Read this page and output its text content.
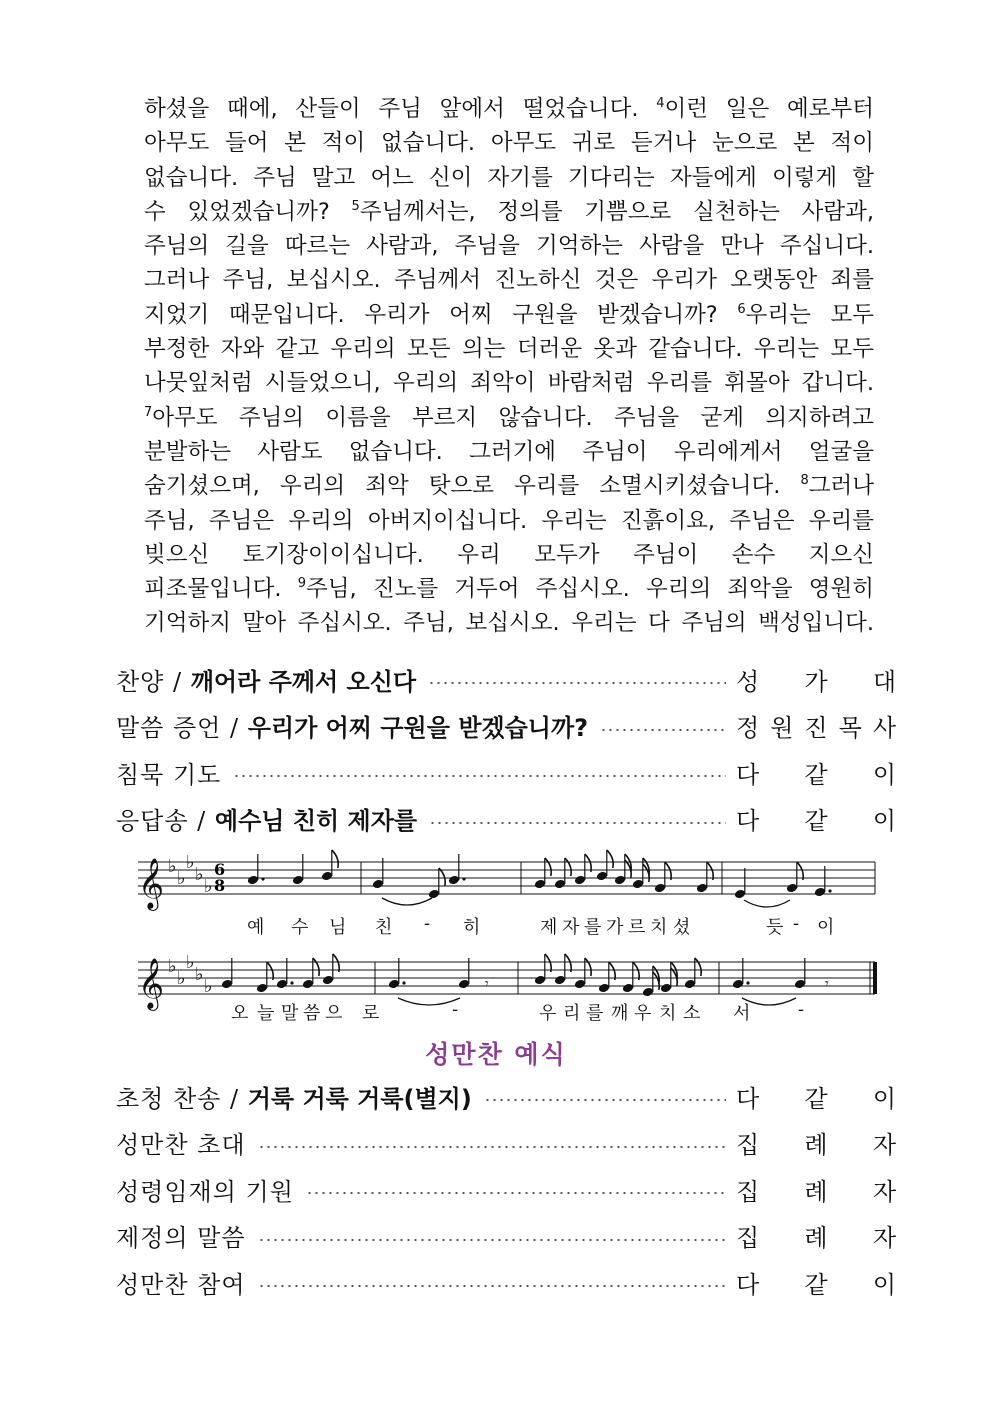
하셨을 때에, 산들이 주님 앞에서 떨었습니다. $^4$이런 일은 예로부터
아무도 들어 본 적이 없습니다. 아무도 귀로 듣거나 눈으로 본 적이
없습니다. 주님 말고 어느 신이 자기를 기다리는 자들에게 이렇게 할
수 있었겠습니까? $^5$주님께서는, 정의를 기쁨으로 실천하는 사람과,
주님의 길을 따르는 사람과, 주님을 기억하는 사람을 만나 주십니다.
그러나 주님, 보십시오. 주님께서 진노하신 것은 우리가 오랫동안 죄를
지었기 때문입니다. 우리가 어찌 구원을 받겠습니까? $^6$우리는 모두
부정한 자와 같고 우리의 모든 의는 더러운 옷과 같습니다. 우리는 모두
나뭇잎처럼 시들었으니, 우리의 죄악이 바람처럼 우리를 휘몰아 갑니다.
$^7$아무도 주님의 이름을 부르지 않습니다. 주님을 굳게 의지하려고
분발하는 사람도 없습니다. 그러기에 주님이 우리에게서 얼굴을
숨기셨으며, 우리의 죄악 탓으로 우리를 소멸시키셨습니다. $^8$그러나
주님, 주님은 우리의 아버지이십니다. 우리는 진흙이요, 주님은 우리를
빚으신 토기장이이십니다. 우리 모두가 주님이 손수 지으신
피조물입니다. $^9$주님, 진노를 거두어 주십시오. 우리의 죄악을 영원히
기억하지 말아 주십시오. 주님, 보십시오. 우리는 다 주님의 백성입니다.
찬양 / 깨어라 주께서 오신다	성 가 대
말씀 증언 / 우리가 어찌 구원을 받겠습니까?	정 원 진 목 사
침묵 기도	다 같 이
응답송 / 예수님 친히 제자를	다 같 이
6
8
𝄞 ♭
♭
♭
♭
♭
𝄞 ♭
♭
♭
♭
♭	𝄾	𝄾
예 수 님 친 - 히	제 자 를 가 르 치 셨	듯 - 이
오 늘 말 씀 으 로	-	우 리 를 깨 우 치 소 서	-
성만찬 예식
초청 찬송 / 거룩 거룩 거룩(별지)	다 같 이
성만찬 초대	집 례 자
성령임재의 기원	집 례 자
제정의 말씀	집 례 자
성만찬 참여	다 같 이
